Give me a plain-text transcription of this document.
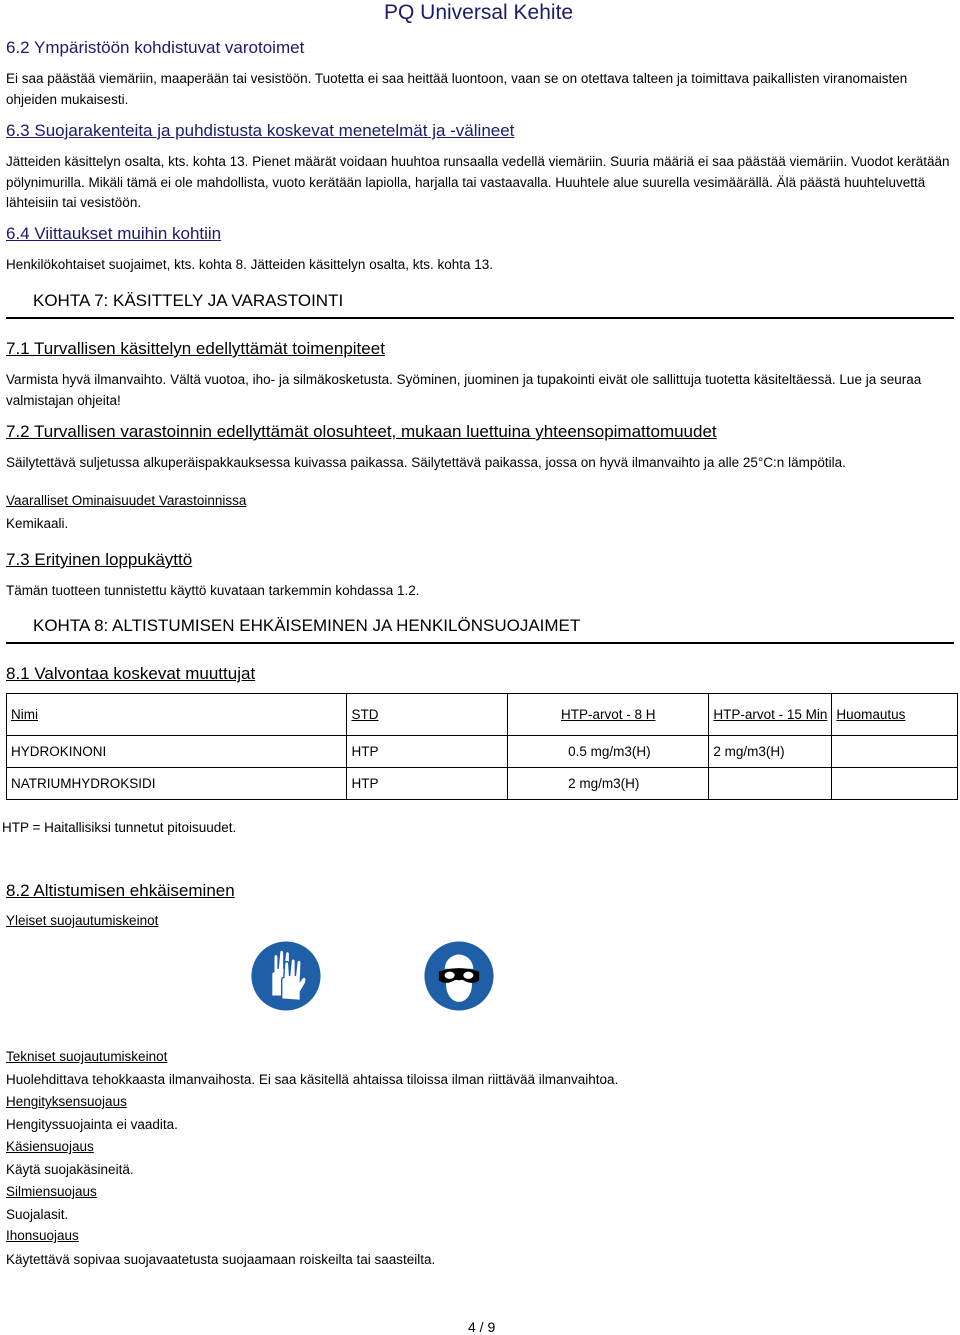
PQ Universal Kehite
6.2 Ympäristöön kohdistuvat varotoimet
Ei saa päästää viemäriin, maaperään tai vesistöön. Tuotetta ei saa heittää luontoon, vaan se on otettava talteen ja toimittava paikallisten viranomaisten ohjeiden mukaisesti.
6.3 Suojarakenteita ja puhdistusta koskevat menetelmät ja -välineet
Jätteiden käsittelyn osalta, kts. kohta 13. Pienet määrät voidaan huuhtoa runsaalla vedellä viemäriin. Suuria määriä ei saa päästää viemäriin. Vuodot kerätään pölynimurilla. Mikäli tämä ei ole mahdollista, vuoto kerätään lapiolla, harjalla tai vastaavalla. Huuhtele alue suurella vesimäärällä. Älä päästä huuhteluvettä lähteisiin tai vesistöön.
6.4 Viittaukset muihin kohtiin
Henkilökohtaiset suojaimet, kts. kohta 8. Jätteiden käsittelyn osalta, kts. kohta 13.
KOHTA 7: KÄSITTELY JA VARASTOINTI
7.1 Turvallisen käsittelyn edellyttämät toimenpiteet
Varmista hyvä ilmanvaihto. Vältä vuotoa, iho- ja silmäkosketusta. Syöminen, juominen ja tupakointi eivät ole sallittuja tuotetta käsiteltäessä. Lue ja seuraa valmistajan ohjeita!
7.2 Turvallisen varastoinnin edellyttämät olosuhteet, mukaan luettuina yhteensopimattomuudet
Säilytettävä suljetussa alkuperäispakkauksessa kuivassa paikassa. Säilytettävä paikassa, jossa on hyvä ilmanvaihto ja alle 25°C:n lämpötila.
Vaaralliset Ominaisuudet Varastoinnissa
Kemikaali.
7.3 Erityinen loppukäyttö
Tämän tuotteen tunnistettu käyttö kuvataan tarkemmin kohdassa 1.2.
KOHTA 8: ALTISTUMISEN EHKÄISEMINEN JA HENKILÖNSUOJAIMET
8.1 Valvontaa koskevat muuttujat
Nimi	STD	HTP-arvot - 8 H	HTP-arvot - 15 Min	Huomautus
HYDROKINONI	HTP	0.5 mg/m3(H)	2 mg/m3(H)	
NATRIUMHYDROKSIDI	HTP	2 mg/m3(H)		
HTP = Haitallisiksi tunnetut pitoisuudet.
8.2 Altistumisen ehkäiseminen
Yleiset suojautumiskeinot
Tekniset suojautumiskeinot
Huolehdittava tehokkaasta ilmanvaihosta. Ei saa käsitellä ahtaissa tiloissa ilman riittävää ilmanvaihtoa.
Hengityksensuojaus
Hengityssuojainta ei vaadita.
Käsiensuojaus
Käytä suojakäsineitä.
Silmiensuojaus
Suojalasit.
Ihonsuojaus
Käytettävä sopivaa suojavaatetusta suojaamaan roiskeilta tai saasteilta.
4 / 9
